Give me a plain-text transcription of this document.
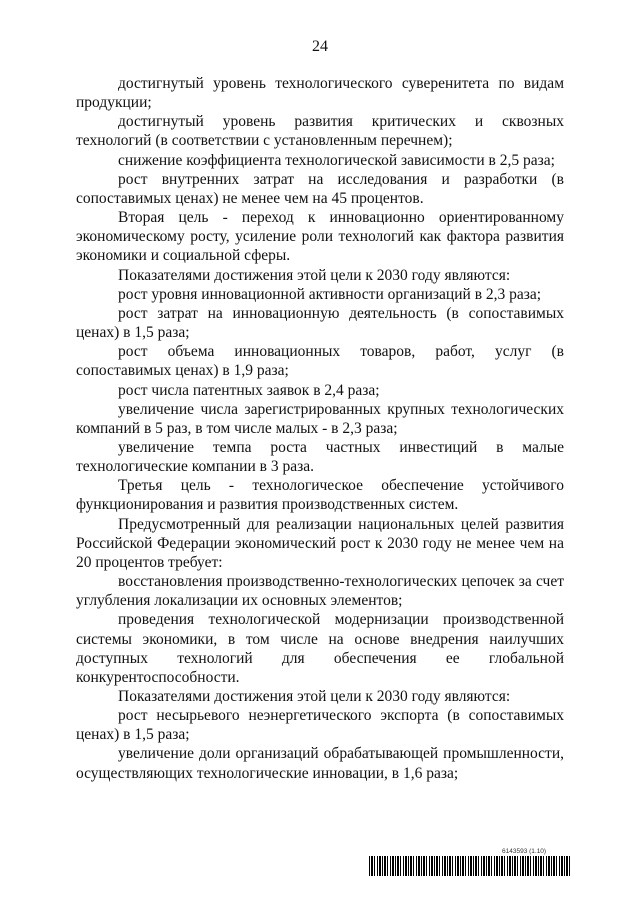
24

достигнутый уровень технологического суверенитета по видам продукции;

достигнутый уровень развития критических и сквозных технологий (в соответствии с установленным перечнем);

снижение коэффициента технологической зависимости в 2,5 раза;

рост внутренних затрат на исследования и разработки (в сопоставимых ценах) не менее чем на 45 процентов.

Вторая цель - переход к инновационно ориентированному экономическому росту, усиление роли технологий как фактора развития экономики и социальной сферы.

Показателями достижения этой цели к 2030 году являются:

рост уровня инновационной активности организаций в 2,3 раза;

рост затрат на инновационную деятельность (в сопоставимых ценах) в 1,5 раза;

рост объема инновационных товаров, работ, услуг (в сопоставимых ценах) в 1,9 раза;

рост числа патентных заявок в 2,4 раза;

увеличение числа зарегистрированных крупных технологических компаний в 5 раз, в том числе малых - в 2,3 раза;

увеличение темпа роста частных инвестиций в малые технологические компании в 3 раза.

Третья цель - технологическое обеспечение устойчивого функционирования и развития производственных систем.

Предусмотренный для реализации национальных целей развития Российской Федерации экономический рост к 2030 году не менее чем на 20 процентов требует:

восстановления производственно-технологических цепочек за счет углубления локализации их основных элементов;

проведения технологической модернизации производственной системы экономики, в том числе на основе внедрения наилучших доступных технологий для обеспечения ее глобальной конкурентоспособности.

Показателями достижения этой цели к 2030 году являются:

рост несырьевого неэнергетического экспорта (в сопоставимых ценах) в 1,5 раза;

увеличение доли организаций обрабатывающей промышленности, осуществляющих технологические инновации, в 1,6 раза;

6143593 (1.10)
